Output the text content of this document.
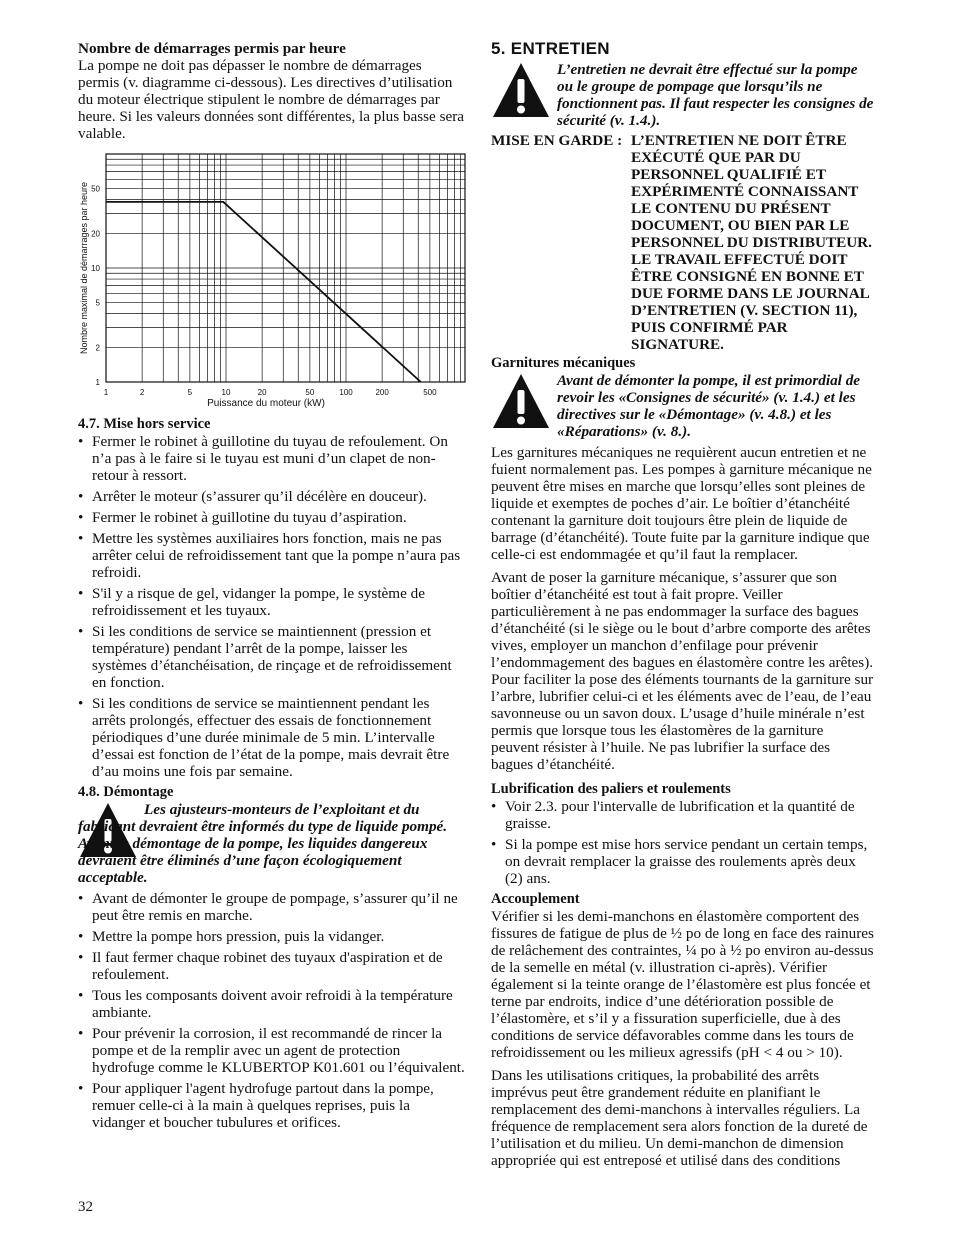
Nombre de démarrages permis par heure

La pompe ne doit pas dépasser le nombre de démarrages permis (v. diagramme ci-dessous). Les directives d’utilisation du moteur électrique stipulent le nombre de démarrages par heure. Si les valeurs données sont différentes, la plus basse sera valable.

1
2
5
10
20
50
1	2	5	10	20	50	100	200	500
Puissance du moteur (kW)
Nombre maximal de démarrages par heure

4.7. Mise hors service

• Fermer le robinet à guillotine du tuyau de refoulement. On n’a pas à le faire si le tuyau est muni d’un clapet de non-retour à ressort.
• Arrêter le moteur (s’assurer qu’il décélère en douceur).
• Fermer le robinet à guillotine du tuyau d’aspiration.
• Mettre les systèmes auxiliaires hors fonction, mais ne pas arrêter celui de refroidissement tant que la pompe n’aura pas refroidi.
• S'il y a risque de gel, vidanger la pompe, le système de refroidissement et les tuyaux.
• Si les conditions de service se maintiennent (pression et température) pendant l’arrêt de la pompe, laisser les systèmes d’étanchéisation, de rinçage et de refroidissement en fonction.
• Si les conditions de service se maintiennent pendant les arrêts prolongés, effectuer des essais de fonctionnement périodiques d’une durée minimale de 5 min. L’intervalle d’essai est fonction de l’état de la pompe, mais devrait être d’au moins une fois par semaine.

4.8. Démontage

Les ajusteurs-monteurs de l’exploitant et du fabricant devraient être informés du type de liquide pompé. Avant le démontage de la pompe, les liquides dangereux devraient être éliminés d’une façon écologiquement acceptable.
• Avant de démonter le groupe de pompage, s’assurer qu’il ne peut être remis en marche.
• Mettre la pompe hors pression, puis la vidanger.
• Il faut fermer chaque robinet des tuyaux d'aspiration et de refoulement.
• Tous les composants doivent avoir refroidi à la température ambiante.
• Pour prévenir la corrosion, il est recommandé de rincer la pompe et de la remplir avec un agent de protection hydrofuge comme le KLUBERTOP K01.601 ou l’équivalent.
• Pour appliquer l'agent hydrofuge partout dans la pompe, remuer celle-ci à la main à quelques reprises, puis la vidanger et boucher tubulures et orifices.
5. ENTRETIEN
L’entretien ne devrait être effectué sur la pompe ou le groupe de pompage que lorsqu’ils ne fonctionnent pas. Il faut respecter les consignes de sécurité (v. 1.4.).
MISE EN GARDE : L’ENTRETIEN NE DOIT ÊTRE EXÉCUTÉ QUE PAR DU PERSONNEL QUALIFIÉ ET EXPÉRIMENTÉ CONNAISSANT LE CONTENU DU PRÉSENT DOCUMENT, OU BIEN PAR LE PERSONNEL DU DISTRIBUTEUR. LE TRAVAIL EFFECTUÉ DOIT ÊTRE CONSIGNÉ EN BONNE ET DUE FORME DANS LE JOURNAL D’ENTRETIEN (V. SECTION 11), PUIS CONFIRMÉ PAR SIGNATURE.

Garnitures mécaniques

Avant de démonter la pompe, il est primordial de revoir les «Consignes de sécurité» (v. 1.4.) et les directives sur le «Démontage» (v. 4.8.) et les «Réparations» (v. 8.).

Les garnitures mécaniques ne requièrent aucun entretien et ne fuient normalement pas. Les pompes à garniture mécanique ne peuvent être mises en marche que lorsqu’elles sont pleines de liquide et exemptes de poches d’air. Le boîtier d’étanchéité contenant la garniture doit toujours être plein de liquide de barrage (d’étanchéité). Toute fuite par la garniture indique que celle-ci est endommagée et qu’il faut la remplacer.

Avant de poser la garniture mécanique, s’assurer que son boîtier d’étanchéité est tout à fait propre. Veiller particulièrement à ne pas endommager la surface des bagues d’étanchéité (si le siège ou le bout d’arbre comporte des arêtes vives, employer un manchon d’enfilage pour prévenir l’endommagement des bagues en élastomère contre les arêtes). Pour faciliter la pose des éléments tournants de la garniture sur l’arbre, lubrifier celui-ci et les éléments avec de l’eau, de l’eau savonneuse ou un savon doux. L’usage d’huile minérale n’est permis que lorsque tous les élastomères de la garniture peuvent résister à l’huile. Ne pas lubrifier la surface des bagues d’étanchéité.

Lubrification des paliers et roulements

• Voir 2.3. pour l'intervalle de lubrification et la quantité de graisse.
• Si la pompe est mise hors service pendant un certain temps, on devrait remplacer la graisse des roulements après deux (2) ans.

Accouplement

Vérifier si les demi-manchons en élastomère comportent des fissures de fatigue de plus de ½ po de long en face des rainures de relâchement des contraintes, ¼ po à ½ po environ au-dessus de la semelle en métal (v. illustration ci-après). Vérifier également si la teinte orange de l’élastomère est plus foncée et terne par endroits, indice d’une détérioration possible de l’élastomère, et s’il y a fissuration superficielle, due à des conditions de service défavorables comme dans les tours de refroidissement ou les milieux agressifs (pH < 4 ou > 10).

Dans les utilisations critiques, la probabilité des arrêts imprévus peut être grandement réduite en planifiant le remplacement des demi-manchons à intervalles réguliers. La fréquence de remplacement sera alors fonction de la dureté de l’utilisation et du milieu. Un demi-manchon de dimension appropriée qui est entreposé et utilisé dans des conditions

32
